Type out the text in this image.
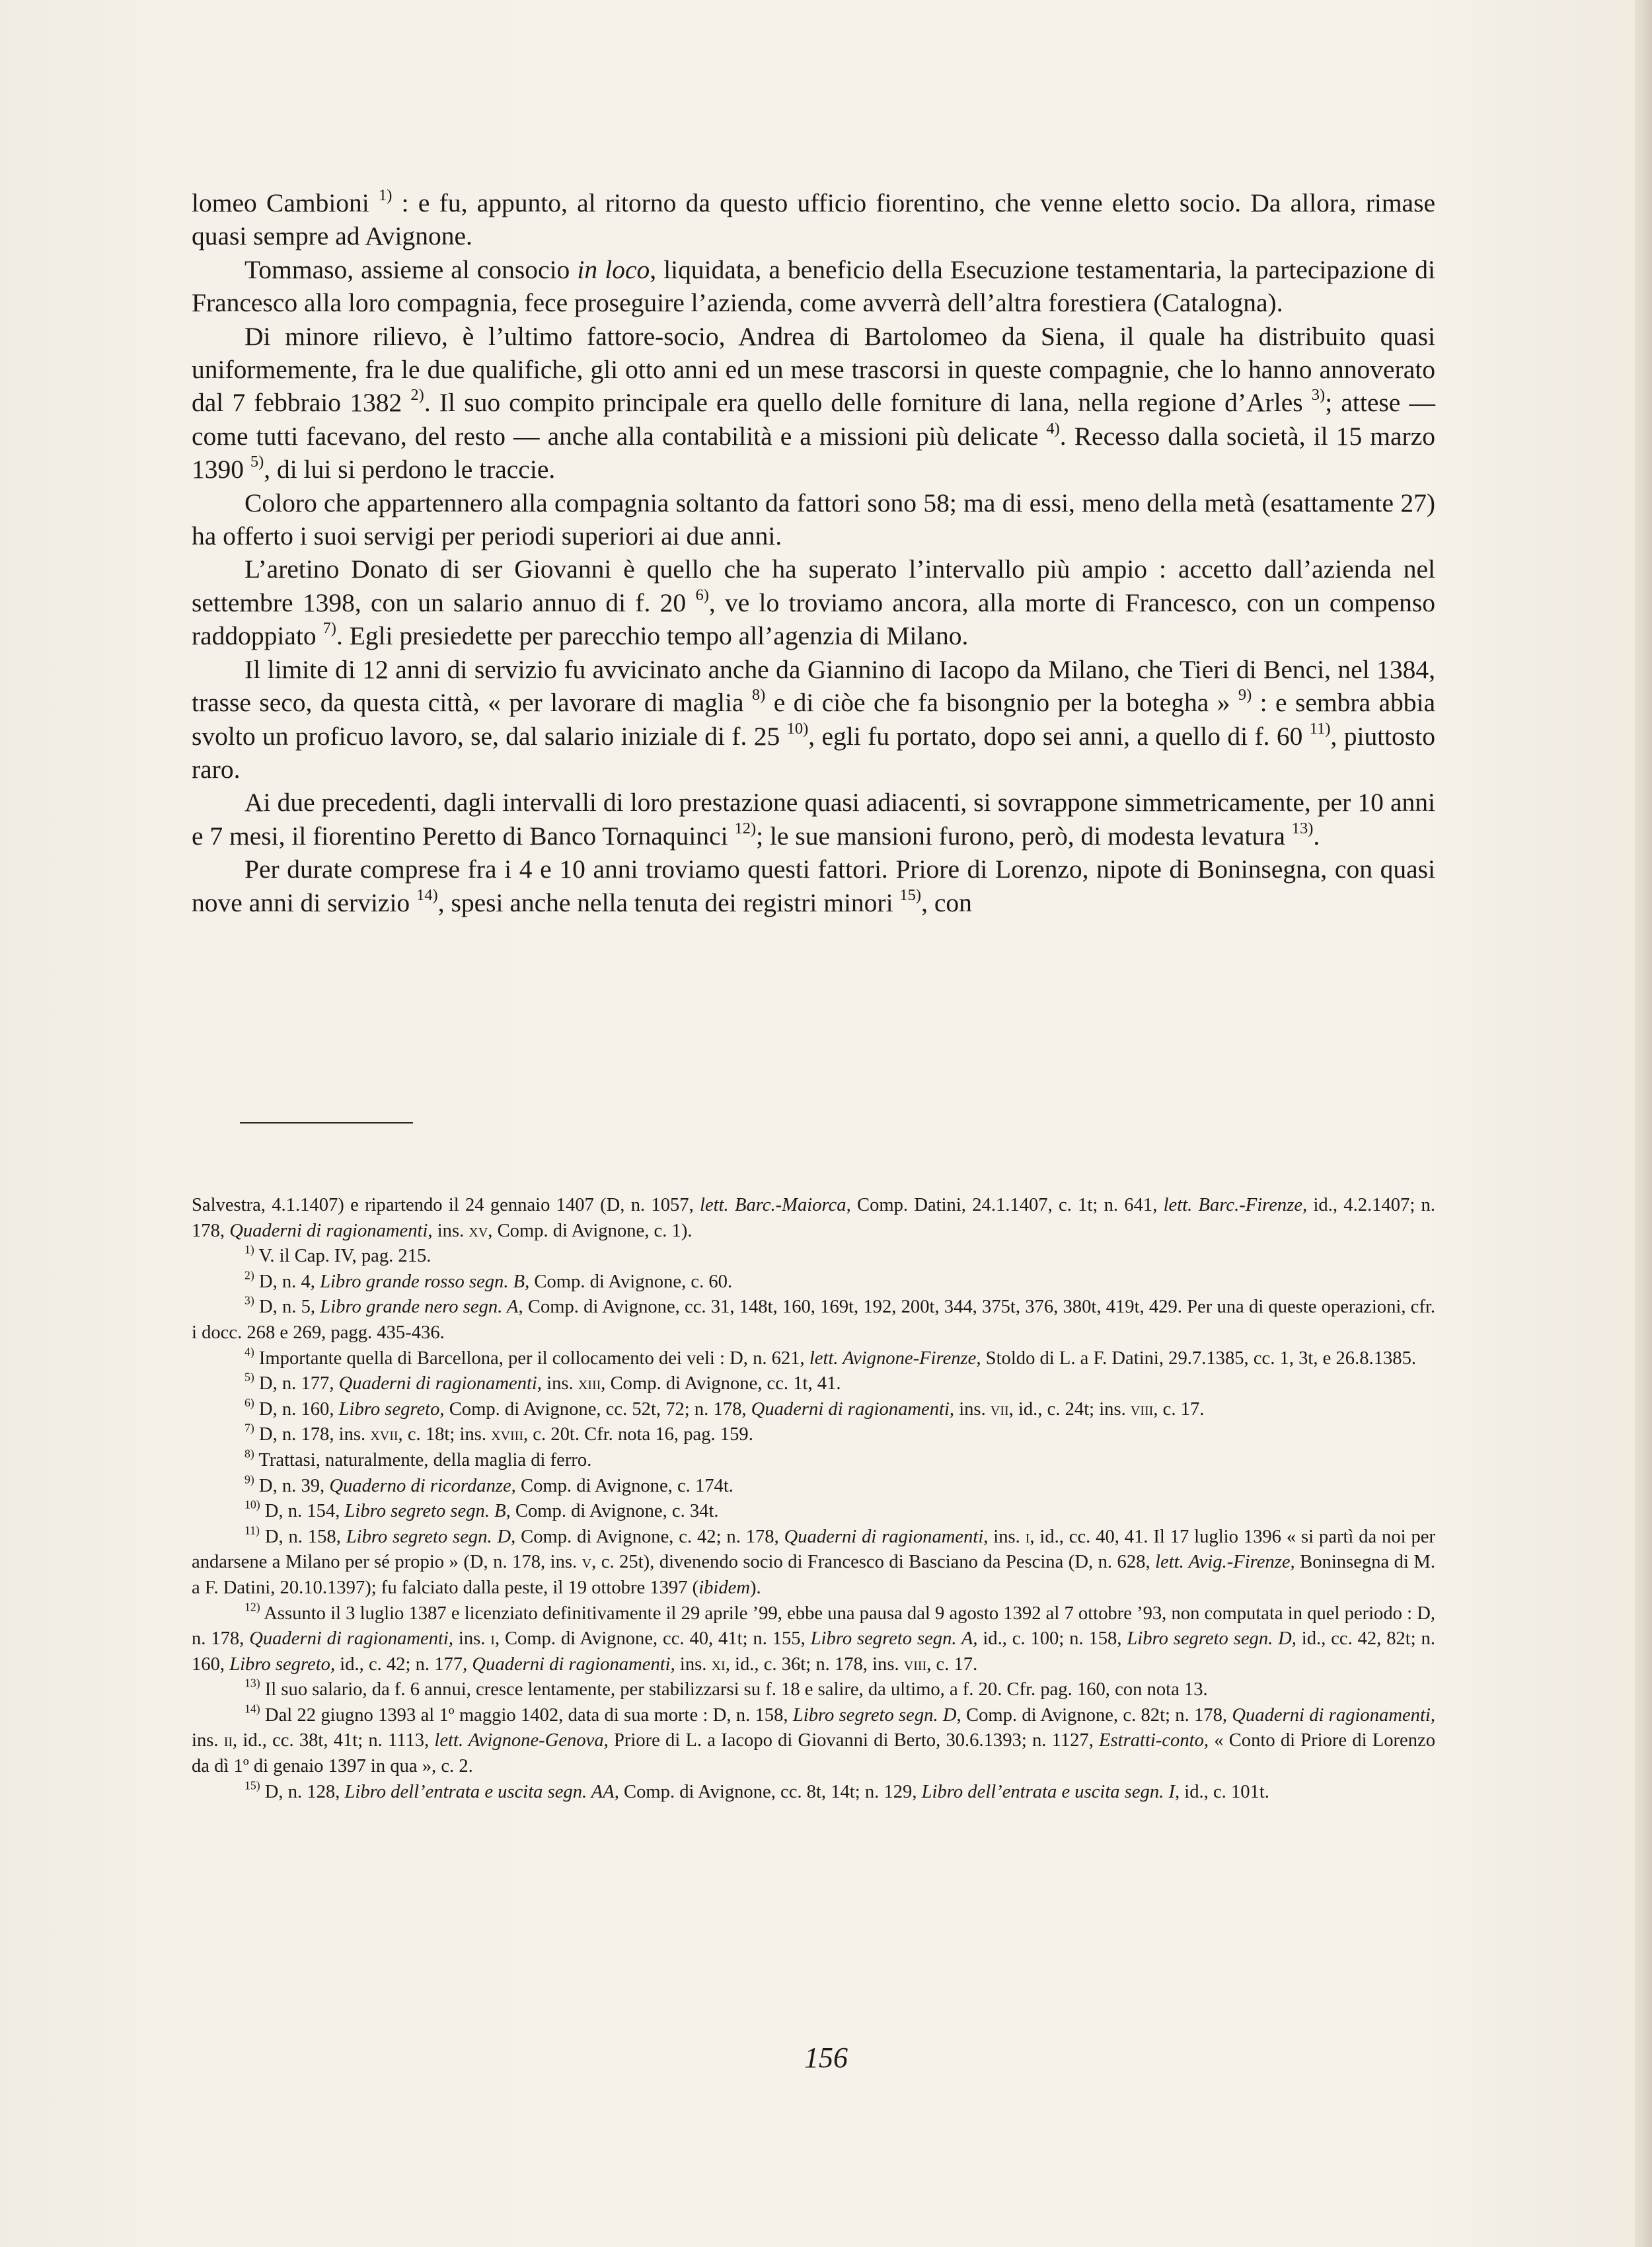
lomeo Cambioni $^{1)}$ : e fu, appunto, al ritorno da questo ufficio fiorentino, che venne eletto socio. Da allora, rimase quasi sempre ad Avignone.

Tommaso, assieme al consocio in loco, liquidata, a beneficio della Esecuzione testamentaria, la partecipazione di Francesco alla loro compagnia, fece proseguire l’azienda, come avverrà dell’altra forestiera (Catalogna).

Di minore rilievo, è l’ultimo fattore-socio, Andrea di Bartolomeo da Siena, il quale ha distribuito quasi uniformemente, fra le due qualifiche, gli otto anni ed un mese trascorsi in queste compagnie, che lo hanno annoverato dal 7 febbraio 1382 $^{2)}$. Il suo compito principale era quello delle forniture di lana, nella regione d’Arles $^{3)}$; attese — come tutti facevano, del resto — anche alla contabilità e a missioni più delicate $^{4)}$. Recesso dalla società, il 15 marzo 1390 $^{5)}$, di lui si perdono le traccie.

Coloro che appartennero alla compagnia soltanto da fattori sono 58; ma di essi, meno della metà (esattamente 27) ha offerto i suoi servigi per periodi superiori ai due anni.

L’aretino Donato di ser Giovanni è quello che ha superato l’intervallo più ampio : accetto dall’azienda nel settembre 1398, con un salario annuo di f. 20 $^{6)}$, ve lo troviamo ancora, alla morte di Francesco, con un compenso raddoppiato $^{7)}$. Egli presiedette per parecchio tempo all’agenzia di Milano.

Il limite di 12 anni di servizio fu avvicinato anche da Giannino di Iacopo da Milano, che Tieri di Benci, nel 1384, trasse seco, da questa città, « per lavorare di maglia $^{8)}$ e di ciòe che fa bisongnio per la botegha » $^{9)}$ : e sembra abbia svolto un proficuo lavoro, se, dal salario iniziale di f. 25 $^{10)}$, egli fu portato, dopo sei anni, a quello di f. 60 $^{11)}$, piuttosto raro.

Ai due precedenti, dagli intervalli di loro prestazione quasi adiacenti, si sovrappone simmetricamente, per 10 anni e 7 mesi, il fiorentino Peretto di Banco Tornaquinci $^{12)}$; le sue mansioni furono, però, di modesta levatura $^{13)}$.

Per durate comprese fra i 4 e 10 anni troviamo questi fattori. Priore di Lorenzo, nipote di Boninsegna, con quasi nove anni di servizio $^{14)}$, spesi anche nella tenuta dei registri minori $^{15)}$, con

Salvestra, 4.1.1407) e ripartendo il 24 gennaio 1407 (D, n. 1057, lett. Barc.-Maiorca, Comp. Datini, 24.1.1407, c. 1t; n. 641, lett. Barc.-Firenze, id., 4.2.1407; n. 178, Quaderni di ragionamenti, ins. xv, Comp. di Avignone, c. 1).

$^{1)}$ V. il Cap. IV, pag. 215.

$^{2)}$ D, n. 4, Libro grande rosso segn. B, Comp. di Avignone, c. 60.

$^{3)}$ D, n. 5, Libro grande nero segn. A, Comp. di Avignone, cc. 31, 148t, 160, 169t, 192, 200t, 344, 375t, 376, 380t, 419t, 429. Per una di queste operazioni, cfr. i docc. 268 e 269, pagg. 435-436.

$^{4)}$ Importante quella di Barcellona, per il collocamento dei veli : D, n. 621, lett. Avignone-Firenze, Stoldo di L. a F. Datini, 29.7.1385, cc. 1, 3t, e 26.8.1385.

$^{5)}$ D, n. 177, Quaderni di ragionamenti, ins. xiii, Comp. di Avignone, cc. 1t, 41.

$^{6)}$ D, n. 160, Libro segreto, Comp. di Avignone, cc. 52t, 72; n. 178, Quaderni di ragionamenti, ins. vii, id., c. 24t; ins. viii, c. 17.

$^{7)}$ D, n. 178, ins. xvii, c. 18t; ins. xviii, c. 20t. Cfr. nota 16, pag. 159.

$^{8)}$ Trattasi, naturalmente, della maglia di ferro.

$^{9)}$ D, n. 39, Quaderno di ricordanze, Comp. di Avignone, c. 174t.

$^{10)}$ D, n. 154, Libro segreto segn. B, Comp. di Avignone, c. 34t.

$^{11)}$ D, n. 158, Libro segreto segn. D, Comp. di Avignone, c. 42; n. 178, Quaderni di ragionamenti, ins. i, id., cc. 40, 41. Il 17 luglio 1396 « si partì da noi per andarsene a Milano per sé propio » (D, n. 178, ins. v, c. 25t), divenendo socio di Francesco di Basciano da Pescina (D, n. 628, lett. Avig.-Firenze, Boninsegna di M. a F. Datini, 20.10.1397); fu falciato dalla peste, il 19 ottobre 1397 (ibidem).

$^{12)}$ Assunto il 3 luglio 1387 e licenziato definitivamente il 29 aprile ’99, ebbe una pausa dal 9 agosto 1392 al 7 ottobre ’93, non computata in quel periodo : D, n. 178, Quaderni di ragionamenti, ins. i, Comp. di Avignone, cc. 40, 41t; n. 155, Libro segreto segn. A, id., c. 100; n. 158, Libro segreto segn. D, id., cc. 42, 82t; n. 160, Libro segreto, id., c. 42; n. 177, Quaderni di ragionamenti, ins. xi, id., c. 36t; n. 178, ins. viii, c. 17.

$^{13)}$ Il suo salario, da f. 6 annui, cresce lentamente, per stabilizzarsi su f. 18 e salire, da ultimo, a f. 20. Cfr. pag. 160, con nota 13.

$^{14)}$ Dal 22 giugno 1393 al 1º maggio 1402, data di sua morte : D, n. 158, Libro segreto segn. D, Comp. di Avignone, c. 82t; n. 178, Quaderni di ragionamenti, ins. ii, id., cc. 38t, 41t; n. 1113, lett. Avignone-Genova, Priore di L. a Iacopo di Giovanni di Berto, 30.6.1393; n. 1127, Estratti-conto, « Conto di Priore di Lorenzo da dì 1º di genaio 1397 in qua », c. 2.

$^{15)}$ D, n. 128, Libro dell’entrata e uscita segn. AA, Comp. di Avignone, cc. 8t, 14t; n. 129, Libro dell’entrata e uscita segn. I, id., c. 101t.

156
